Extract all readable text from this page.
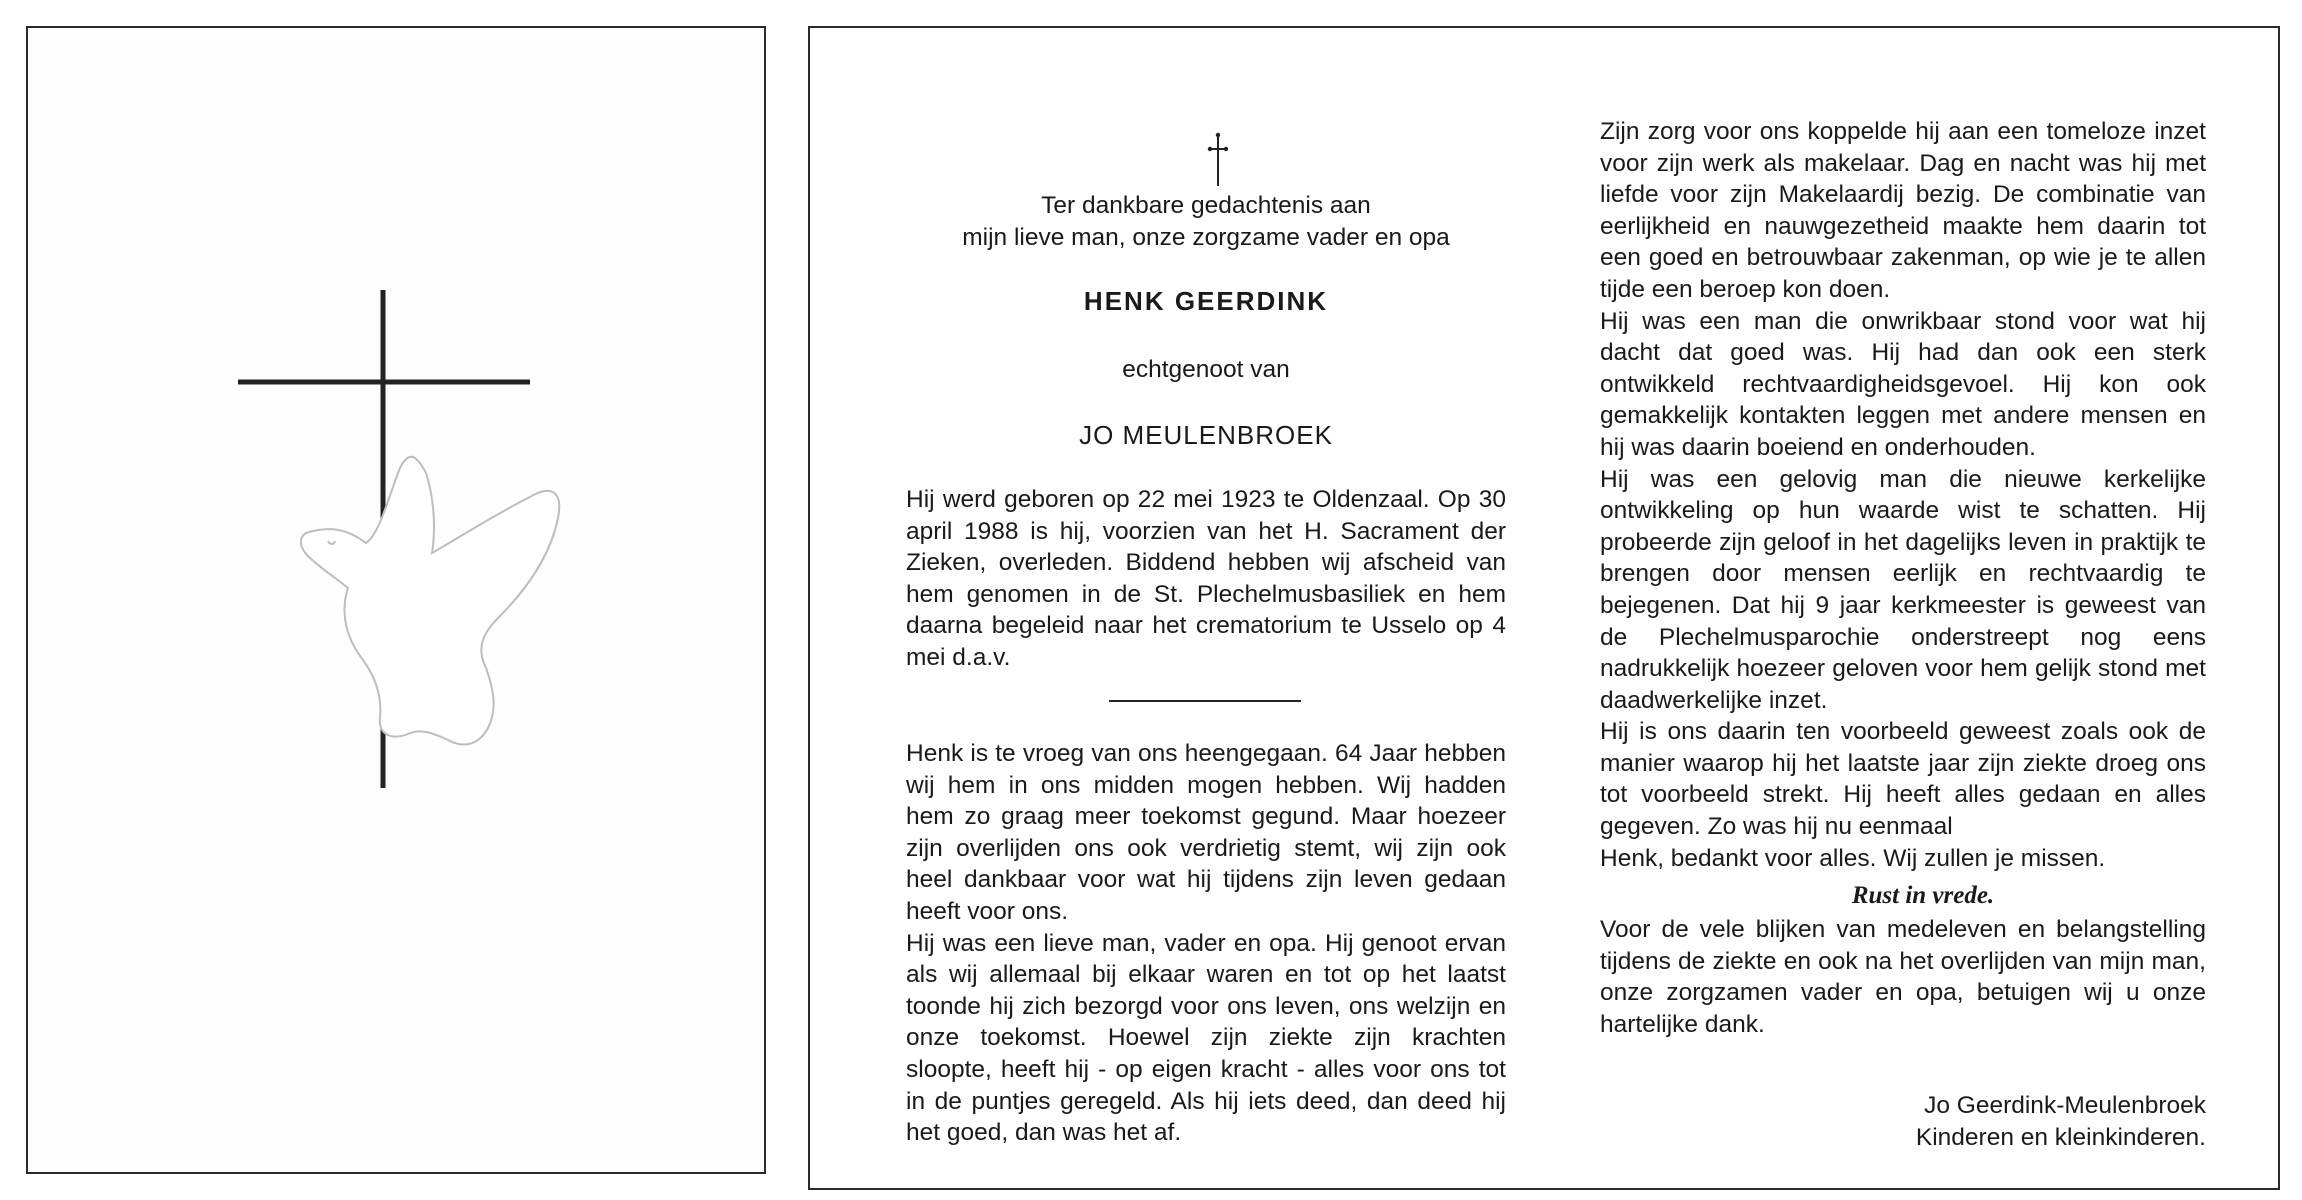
Ter dankbare gedachtenis aan

mijn lieve man, onze zorgzame vader en opa

HENK GEERDINK
echtgenoot van
JO MEULENBROEK

Hij werd geboren op 22 mei 1923 te Oldenzaal. Op 30 april 1988 is hij, voorzien van het H. Sacrament der Zieken, overleden. Biddend hebben wij afscheid van hem genomen in de St. Plechelmusbasiliek en hem daarna begeleid naar het crematorium te Usselo op 4 mei d.a.v.

Henk is te vroeg van ons heengegaan. 64 Jaar hebben wij hem in ons midden mogen hebben. Wij hadden hem zo graag meer toekomst gegund. Maar hoezeer zijn overlijden ons ook verdrietig stemt, wij zijn ook heel dankbaar voor wat hij tijdens zijn leven gedaan heeft voor ons.

Hij was een lieve man, vader en opa. Hij genoot ervan als wij allemaal bij elkaar waren en tot op het laatst toonde hij zich bezorgd voor ons leven, ons welzijn en onze toekomst. Hoewel zijn ziekte zijn krachten sloopte, heeft hij - op eigen kracht - alles voor ons tot in de puntjes geregeld. Als hij iets deed, dan deed hij het goed, dan was het af.

Zijn zorg voor ons koppelde hij aan een tomeloze inzet voor zijn werk als makelaar. Dag en nacht was hij met liefde voor zijn Makelaardij bezig. De combinatie van eerlijkheid en nauwgezetheid maakte hem daarin tot een goed en betrouwbaar zakenman, op wie je te allen tijde een beroep kon doen.

Hij was een man die onwrikbaar stond voor wat hij dacht dat goed was. Hij had dan ook een sterk ontwikkeld rechtvaardigheidsgevoel. Hij kon ook gemakkelijk kontakten leggen met andere mensen en hij was daarin boeiend en onderhouden.

Hij was een gelovig man die nieuwe kerkelijke ontwikkeling op hun waarde wist te schatten. Hij probeerde zijn geloof in het dagelijks leven in praktijk te brengen door mensen eerlijk en rechtvaardig te bejegenen. Dat hij 9 jaar kerkmeester is geweest van de Plechelmusparochie onderstreept nog eens nadrukkelijk hoezeer geloven voor hem gelijk stond met daadwerkelijke inzet.

Hij is ons daarin ten voorbeeld geweest zoals ook de manier waarop hij het laatste jaar zijn ziekte droeg ons tot voorbeeld strekt. Hij heeft alles gedaan en alles gegeven. Zo was hij nu eenmaal

Henk, bedankt voor alles. Wij zullen je missen.

Rust in vrede.

Voor de vele blijken van medeleven en belangstelling tijdens de ziekte en ook na het overlijden van mijn man, onze zorgzamen vader en opa, betuigen wij u onze hartelijke dank.

Jo Geerdink-Meulenbroek

Kinderen en kleinkinderen.
